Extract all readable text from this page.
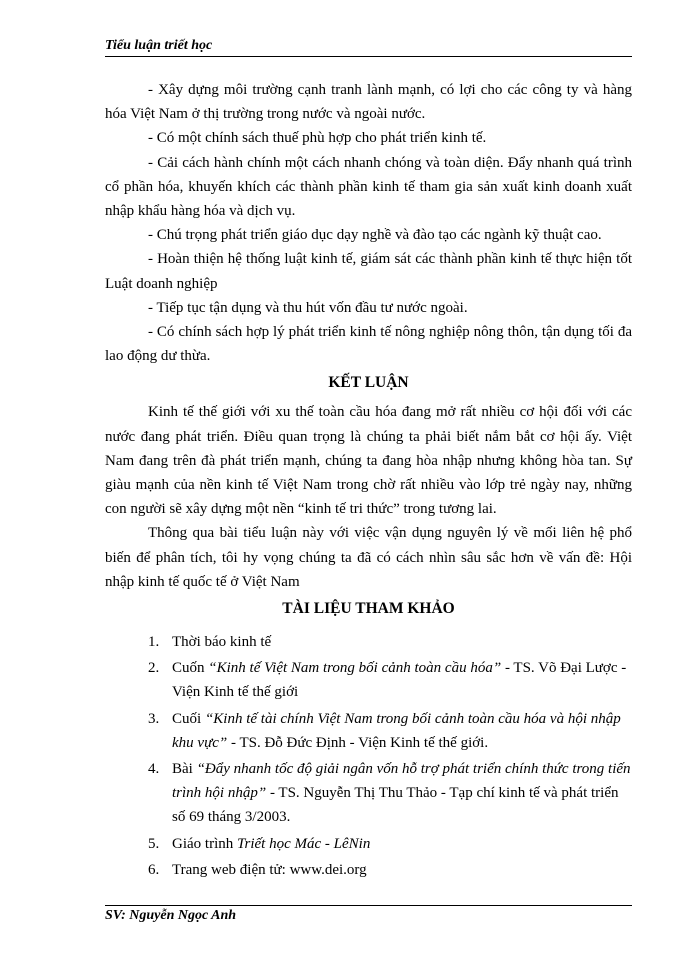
Tiểu luận triết học

- Xây dựng môi trường cạnh tranh lành mạnh, có lợi cho các công ty và hàng hóa Việt Nam ở thị trường trong nước và ngoài nước.

- Có một chính sách thuế phù hợp cho phát triển kinh tế.

- Cải cách hành chính một cách nhanh chóng và toàn diện. Đẩy nhanh quá trình cổ phần hóa, khuyến khích các thành phần kinh tế tham gia sản xuất kinh doanh xuất nhập khẩu hàng hóa và dịch vụ.

- Chú trọng phát triển giáo dục dạy nghề và đào tạo các ngành kỹ thuật cao.

- Hoàn thiện hệ thống luật kinh tế, giám sát các thành phần kinh tế thực hiện tốt Luật doanh nghiệp

- Tiếp tục tận dụng và thu hút vốn đầu tư nước ngoài.

- Có chính sách hợp lý phát triển kinh tế nông nghiệp nông thôn, tận dụng tối đa lao động dư thừa.

KẾT LUẬN

Kinh tế thế giới với xu thế toàn cầu hóa đang mở rất nhiều cơ hội đối với các nước đang phát triển. Điều quan trọng là chúng ta phải biết nắm bắt cơ hội ấy. Việt Nam đang trên đà phát triển mạnh, chúng ta đang hòa nhập nhưng không hòa tan. Sự giàu mạnh của nền kinh tế Việt Nam trong chờ rất nhiều vào lớp trẻ ngày nay, những con người sẽ xây dựng một nền “kinh tế tri thức” trong tương lai.

Thông qua bài tiểu luận này với việc vận dụng nguyên lý về mối liên hệ phổ biến để phân tích, tôi hy vọng chúng ta đã có cách nhìn sâu sắc hơn về vấn đề: Hội nhập kinh tế quốc tế ở Việt Nam

TÀI LIỆU THAM KHẢO
1. Thời báo kinh tế
2. Cuốn “Kinh tế Việt Nam trong bối cảnh toàn cầu hóa” - TS. Võ Đại Lược - Viện Kinh tế thế giới
3. Cuối “Kinh tế tài chính Việt Nam trong bối cảnh toàn cầu hóa và hội nhập khu vực” - TS. Đỗ Đức Định - Viện Kinh tế thế giới.
4. Bài “Đẩy nhanh tốc độ giải ngân vốn hỗ trợ phát triển chính thức trong tiến trình hội nhập” - TS. Nguyễn Thị Thu Thảo - Tạp chí kinh tế và phát triển số 69 tháng 3/2003.
5. Giáo trình Triết học Mác - LêNin
6. Trang web điện tử: www.dei.org
SV: Nguyễn Ngọc Anh
